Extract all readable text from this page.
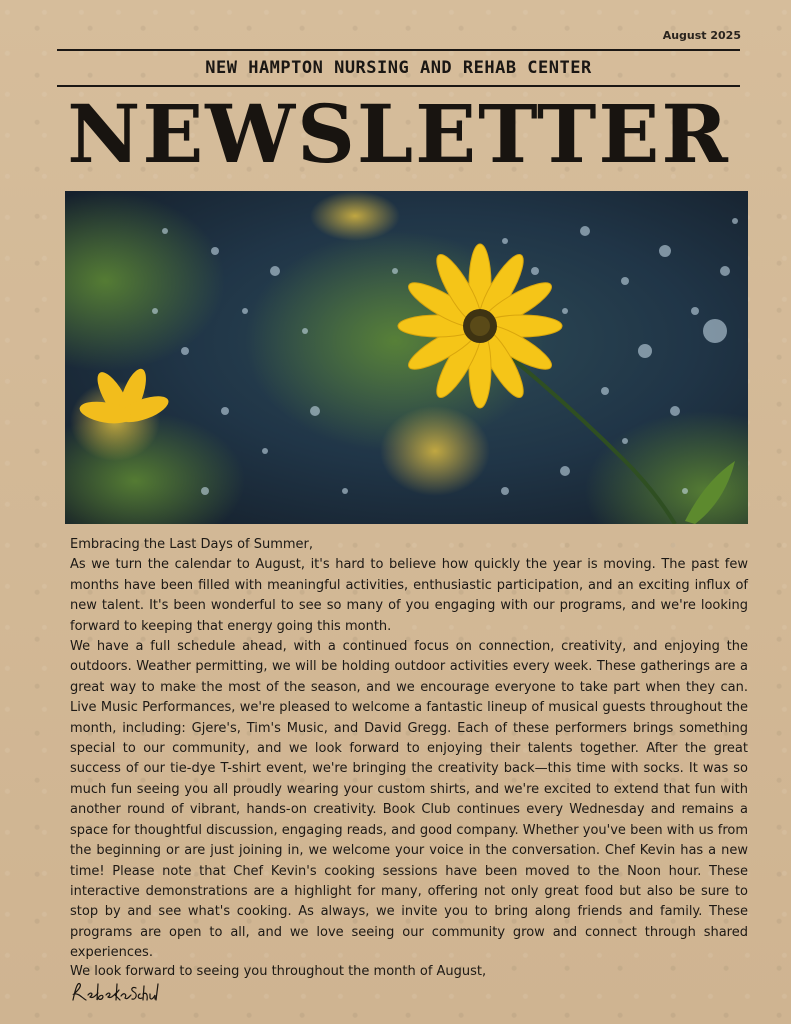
August 2025
NEW HAMPTON NURSING AND REHAB CENTER
NEWSLETTER

Embracing the Last Days of Summer,

As we turn the calendar to August, it's hard to believe how quickly the year is moving. The past few months have been filled with meaningful activities, enthusiastic participation, and an exciting influx of new talent. It's been wonderful to see so many of you engaging with our programs, and we're looking forward to keeping that energy going this month.

We have a full schedule ahead, with a continued focus on connection, creativity, and enjoying the outdoors. Weather permitting, we will be holding outdoor activities every week. These gatherings are a great way to make the most of the season, and we encourage everyone to take part when they can. Live Music Performances, we're pleased to welcome a fantastic lineup of musical guests throughout the month, including: Gjere's, Tim's Music, and David Gregg. Each of these performers brings something special to our community, and we look forward to enjoying their talents together. After the great success of our tie-dye T-shirt event, we're bringing the creativity back—this time with socks. It was so much fun seeing you all proudly wearing your custom shirts, and we're excited to extend that fun with another round of vibrant, hands-on creativity. Book Club continues every Wednesday and remains a space for thoughtful discussion, engaging reads, and good company. Whether you've been with us from the beginning or are just joining in, we welcome your voice in the conversation. Chef Kevin has a new time! Please note that Chef Kevin's cooking sessions have been moved to the Noon hour. These interactive demonstrations are a highlight for many, offering not only great food but also be sure to stop by and see what's cooking. As always, we invite you to bring along friends and family. These programs are open to all, and we love seeing our community grow and connect through shared experiences.

We look forward to seeing you throughout the month of August,
